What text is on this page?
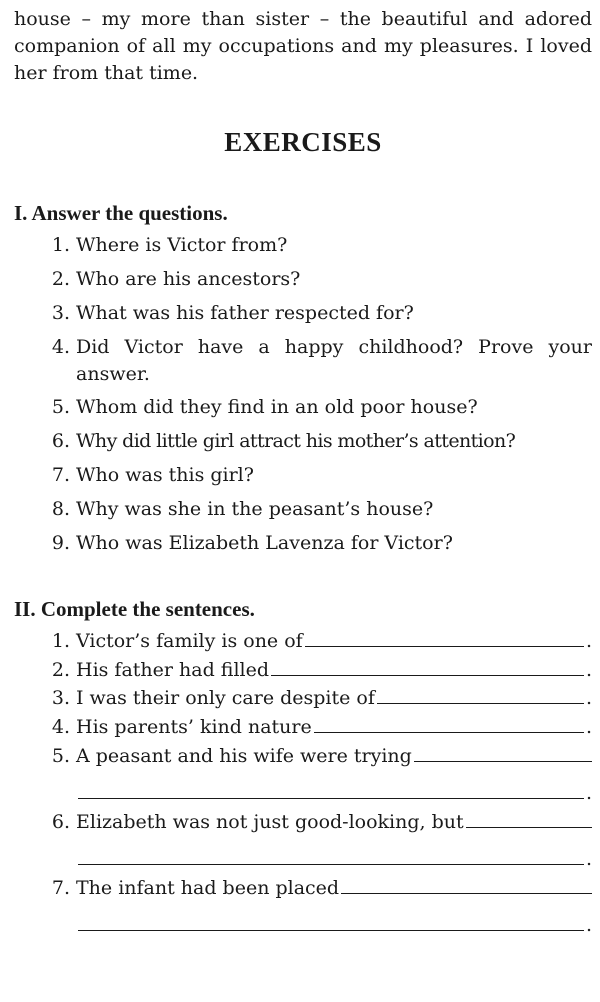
house – my more than sister – the beautiful and adored companion of all my occupations and my pleasures. I loved her from that time.

EXERCISES
I. Answer the questions.
1. Where is Victor from?
2. Who are his ancestors?
3. What was his father respected for?
4. Did Victor have a happy childhood? Prove your answer.
5. Whom did they find in an old poor house?
6. Why did little girl attract his mother’s attention?
7. Who was this girl?
8. Why was she in the peasant’s house?
9. Who was Elizabeth Lavenza for Victor?
II. Complete the sentences.
1. Victor’s family is one of	.
2. His father had filled	.
3. I was their only care despite of	.
4. His parents’ kind nature	.
5. A peasant and his wife were trying
.
6. Elizabeth was not just good-looking, but
.
7. The infant had been placed
.
